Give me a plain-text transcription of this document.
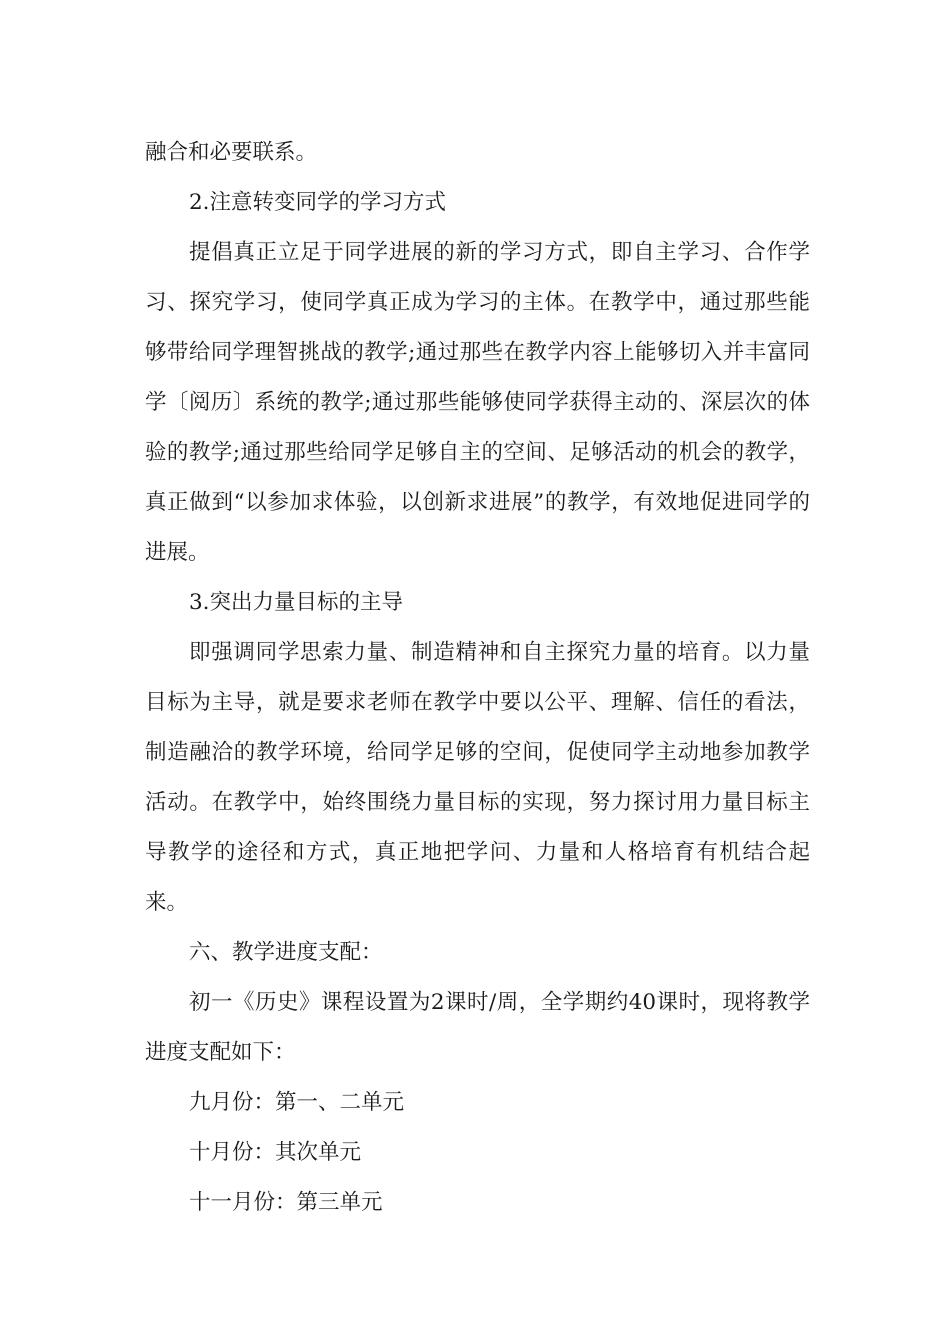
融合和必要联系。

2.注意转变同学的学习方式

提倡真正立足于同学进展的新的学习方式，即自主学习、合作学习、探究学习，使同学真正成为学习的主体。在教学中，通过那些能够带给同学理智挑战的教学;通过那些在教学内容上能够切入并丰富同学〔阅历〕系统的教学;通过那些能够使同学获得主动的、深层次的体验的教学;通过那些给同学足够自主的空间、足够活动的机会的教学，真正做到“以参加求体验，以创新求进展”的教学，有效地促进同学的进展。

3.突出力量目标的主导

即强调同学思索力量、制造精神和自主探究力量的培育。以力量目标为主导，就是要求老师在教学中要以公平、理解、信任的看法，制造融洽的教学环境，给同学足够的空间，促使同学主动地参加教学活动。在教学中，始终围绕力量目标的实现，努力探讨用力量目标主导教学的途径和方式，真正地把学问、力量和人格培育有机结合起来。

六、教学进度支配：

初一《历史》课程设置为2课时/周，全学期约40课时，现将教学进度支配如下：

九月份：第一、二单元

十月份：其次单元

十一月份：第三单元
